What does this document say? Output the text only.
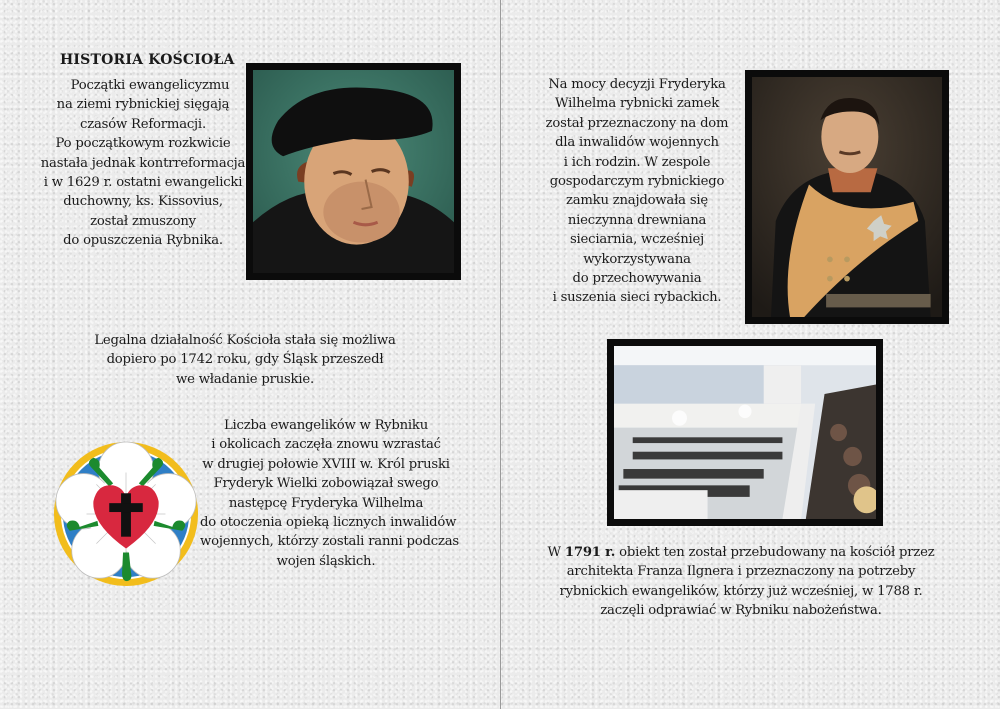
HISTORIA KOŚCIOŁA
Początki ewangelicyzmu
na ziemi rybnickiej sięgają
czasów Reformacji.
Po początkowym rozkwicie
nastała jednak kontrreformacja
i w 1629 r. ostatni ewangelicki
duchowny, ks. Kissovius,
został zmuszony
do opuszczenia Rybnika.
Legalna działalność Kościoła stała się możliwa
dopiero po 1742 roku, gdy Śląsk przeszedł
we władanie pruskie.
Liczba ewangelików w Rybniku
i okolicach zaczęła znowu wzrastać
w drugiej połowie XVIII w. Król pruski
Fryderyk Wielki zobowiązał swego
następcę Fryderyka Wilhelma
do otoczenia opieką licznych inwalidów
wojennych, którzy zostali ranni podczas
wojen śląskich.
Na mocy decyzji Fryderyka
Wilhelma rybnicki zamek
został przeznaczony na dom
dla inwalidów wojennych
i ich rodzin. W zespole
gospodarczym rybnickiego
zamku znajdowała się
nieczynna drewniana
sieciarnia, wcześniej
wykorzystywana
do przechowywania
i suszenia sieci rybackich.
W 1791 r. obiekt ten został przebudowany na kościół przez
architekta Franza Ilgnera i przeznaczony na potrzeby
rybnickich ewangelików, którzy już wcześniej, w 1788 r.
zaczęli odprawiać w Rybniku nabożeństwa.
